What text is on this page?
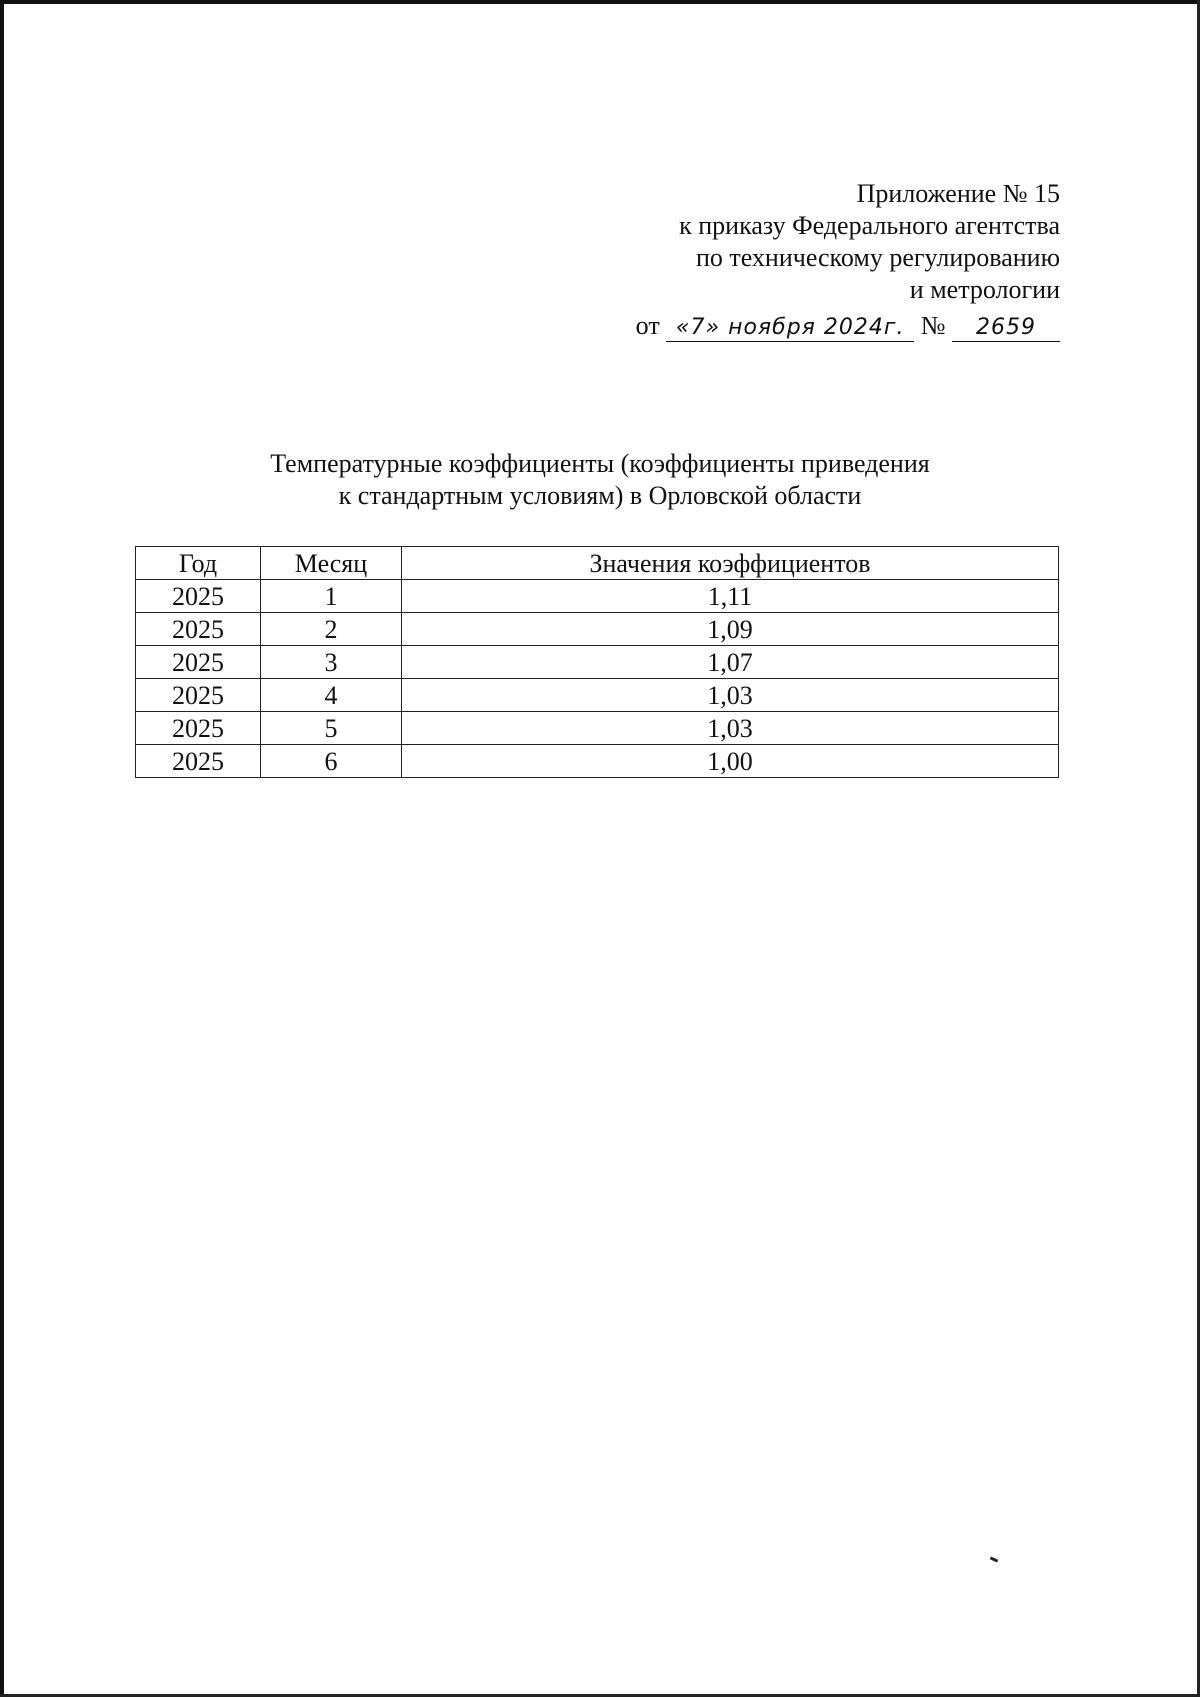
Приложение № 15
к приказу Федерального агентства
по техническому регулированию
и метрологии
от «7» ноября 2024г. № 2659
Температурные коэффициенты (коэффициенты приведения
к стандартным условиям) в Орловской области
Год	Месяц	Значения коэффициентов
2025	1	1,11
2025	2	1,09
2025	3	1,07
2025	4	1,03
2025	5	1,03
2025	6	1,00
